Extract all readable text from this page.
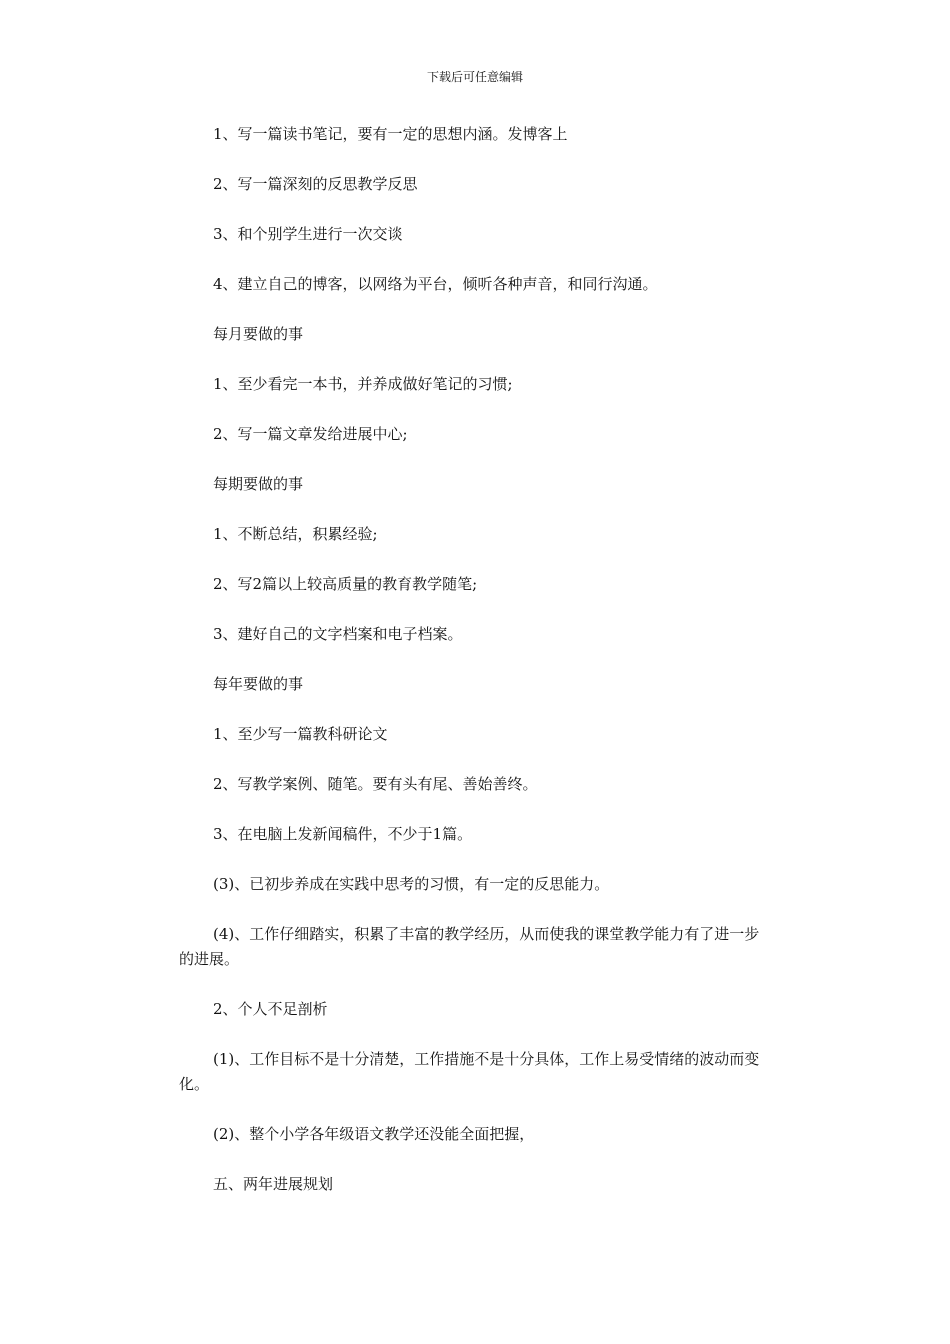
下载后可任意编辑

1、写一篇读书笔记，要有一定的思想内涵。发博客上

2、写一篇深刻的反思教学反思

3、和个别学生进行一次交谈

4、建立自己的博客，以网络为平台，倾听各种声音，和同行沟通。

每月要做的事

1、至少看完一本书，并养成做好笔记的习惯;

2、写一篇文章发给进展中心;

每期要做的事

1、不断总结，积累经验;

2、写2篇以上较高质量的教育教学随笔;

3、建好自己的文字档案和电子档案。

每年要做的事

1、至少写一篇教科研论文

2、写教学案例、随笔。要有头有尾、善始善终。

3、在电脑上发新闻稿件，不少于1篇。

(3)、已初步养成在实践中思考的习惯，有一定的反思能力。

(4)、工作仔细踏实，积累了丰富的教学经历，从而使我的课堂教学能力有了进一步的进展。

2、个人不足剖析

(1)、工作目标不是十分清楚，工作措施不是十分具体，工作上易受情绪的波动而变化。

(2)、整个小学各年级语文教学还没能全面把握，

五、两年进展规划
